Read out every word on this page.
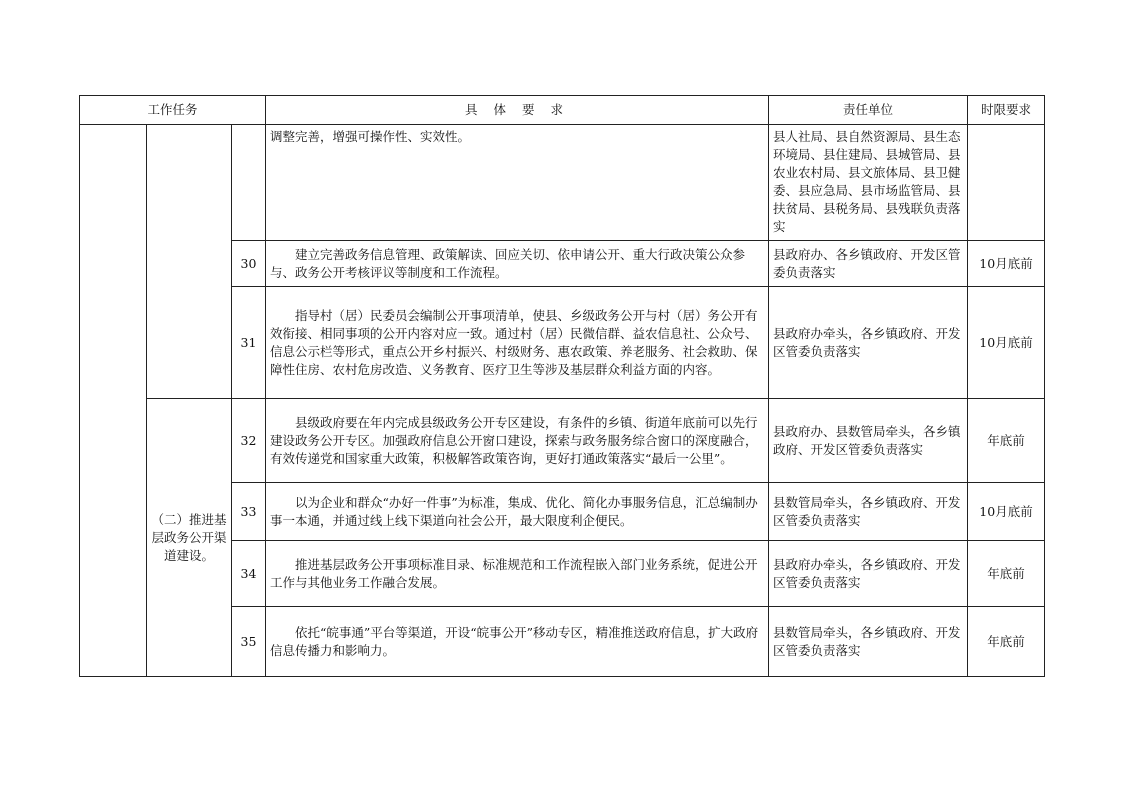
工作任务			具 体 要 求	责任单位	时限要求
			调整完善，增强可操作性、实效性。	县人社局、县自然资源局、县生态环境局、县住建局、县城管局、县农业农村局、县文旅体局、县卫健委、县应急局、县市场监管局、县扶贫局、县税务局、县残联负责落实	
		30	建立完善政务信息管理、政策解读、回应关切、依申请公开、重大行政决策公众参与、政务公开考核评议等制度和工作流程。	县政府办、各乡镇政府、开发区管委负责落实	10月底前
		31	指导村（居）民委员会编制公开事项清单，使县、乡级政务公开与村（居）务公开有效衔接、相同事项的公开内容对应一致。通过村（居）民微信群、益农信息社、公众号、信息公示栏等形式，重点公开乡村振兴、村级财务、惠农政策、养老服务、社会救助、保障性住房、农村危房改造、义务教育、医疗卫生等涉及基层群众利益方面的内容。	县政府办牵头，各乡镇政府、开发区管委负责落实	10月底前
	（二）推进基层政务公开渠道建设。	32	县级政府要在年内完成县级政务公开专区建设，有条件的乡镇、街道年底前可以先行建设政务公开专区。加强政府信息公开窗口建设，探索与政务服务综合窗口的深度融合，有效传递党和国家重大政策，积极解答政策咨询，更好打通政策落实“最后一公里”。	县政府办、县数管局牵头，各乡镇政府、开发区管委负责落实	年底前
		33	以为企业和群众“办好一件事”为标准，集成、优化、简化办事服务信息，汇总编制办事一本通，并通过线上线下渠道向社会公开，最大限度利企便民。	县数管局牵头，各乡镇政府、开发区管委负责落实	10月底前
		34	推进基层政务公开事项标准目录、标准规范和工作流程嵌入部门业务系统，促进公开工作与其他业务工作融合发展。	县政府办牵头，各乡镇政府、开发区管委负责落实	年底前
		35	依托“皖事通”平台等渠道，开设“皖事公开”移动专区，精准推送政府信息，扩大政府信息传播力和影响力。	县数管局牵头，各乡镇政府、开发区管委负责落实	年底前
